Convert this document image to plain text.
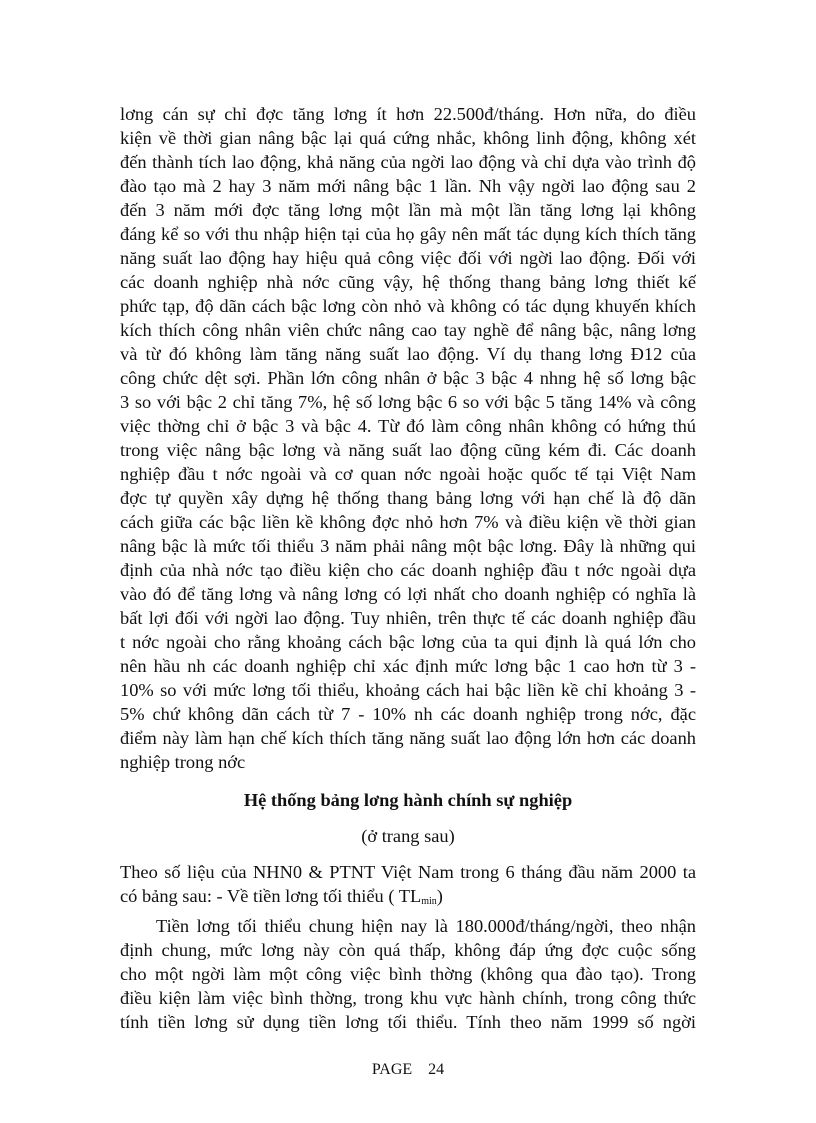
lơng cán sự chỉ đợc tăng lơng ít hơn 22.500đ/tháng. Hơn nữa, do điều
kiện về thời gian nâng bậc lại quá cứng nhắc, không linh động, không xét
đến thành tích lao động, khả năng của ngời lao động và chỉ dựa vào trình độ
đào tạo mà 2 hay 3 năm mới nâng bậc 1 lần. Nh vậy ngời lao động sau 2
đến 3 năm mới đợc tăng lơng một lần mà một lần tăng lơng lại không
đáng kể so với thu nhập hiện tại của họ gây nên mất tác dụng kích thích tăng
năng suất lao động hay hiệu quả công việc đối với ngời lao động. Đối với
các doanh nghiệp nhà nớc cũng vậy, hệ thống thang bảng lơng thiết kế
phức tạp, độ dãn cách bậc lơng còn nhỏ và không có tác dụng khuyến khích
kích thích công nhân viên chức nâng cao tay nghề để nâng bậc, nâng lơng
và từ đó không làm tăng năng suất lao động. Ví dụ thang lơng Đ12 của
công chức dệt sợi. Phần lớn công nhân ở bậc 3 bậc 4 nhng hệ số lơng bậc
3 so với bậc 2 chỉ tăng 7%, hệ số lơng bậc 6 so với bậc 5 tăng 14% và công
việc thờng chỉ ở bậc 3 và bậc 4. Từ đó làm công nhân không có hứng thú
trong việc nâng bậc lơng và năng suất lao động cũng kém đi. Các doanh
nghiệp đầu t nớc ngoài và cơ quan nớc ngoài hoặc quốc tế tại Việt Nam
đợc tự quyền xây dựng hệ thống thang bảng lơng với hạn chế là độ dãn
cách giữa các bậc liền kề không đợc nhỏ hơn 7% và điều kiện về thời gian
nâng bậc là mức tối thiểu 3 năm phải nâng một bậc lơng. Đây là những qui
định của nhà nớc tạo điều kiện cho các doanh nghiệp đầu t nớc ngoài dựa
vào đó để tăng lơng và nâng lơng có lợi nhất cho doanh nghiệp có nghĩa là
bất lợi đối với ngời lao động. Tuy nhiên, trên thực tế các doanh nghiệp đầu
t nớc ngoài cho rằng khoảng cách bậc lơng của ta qui định là quá lớn cho
nên hầu nh các doanh nghiệp chỉ xác định mức lơng bậc 1 cao hơn từ 3 -
10% so với mức lơng tối thiểu, khoảng cách hai bậc liền kề chỉ khoảng 3 -
5% chứ không dãn cách từ 7 - 10% nh các doanh nghiệp trong nớc, đặc
điểm này làm hạn chế kích thích tăng năng suất lao động lớn hơn các doanh
nghiệp trong nớc
Hệ thống bảng lơng hành chính sự nghiệp
(ở trang sau)
Theo số liệu của NHN0 & PTNT Việt Nam trong 6 tháng đầu năm 2000 ta
có bảng sau: - Về tiền lơng tối thiểu ( $TL_{min}$)
Tiền lơng tối thiểu chung hiện nay là 180.000đ/tháng/ngời, theo nhận
định chung, mức lơng này còn quá thấp, không đáp ứng đợc cuộc sống
cho một ngời làm một công việc bình thờng (không qua đào tạo). Trong
điều kiện làm việc bình thờng, trong khu vực hành chính, trong công thức
tính tiền lơng sử dụng tiền lơng tối thiểu. Tính theo năm 1999 số ngời
PAGE    24
